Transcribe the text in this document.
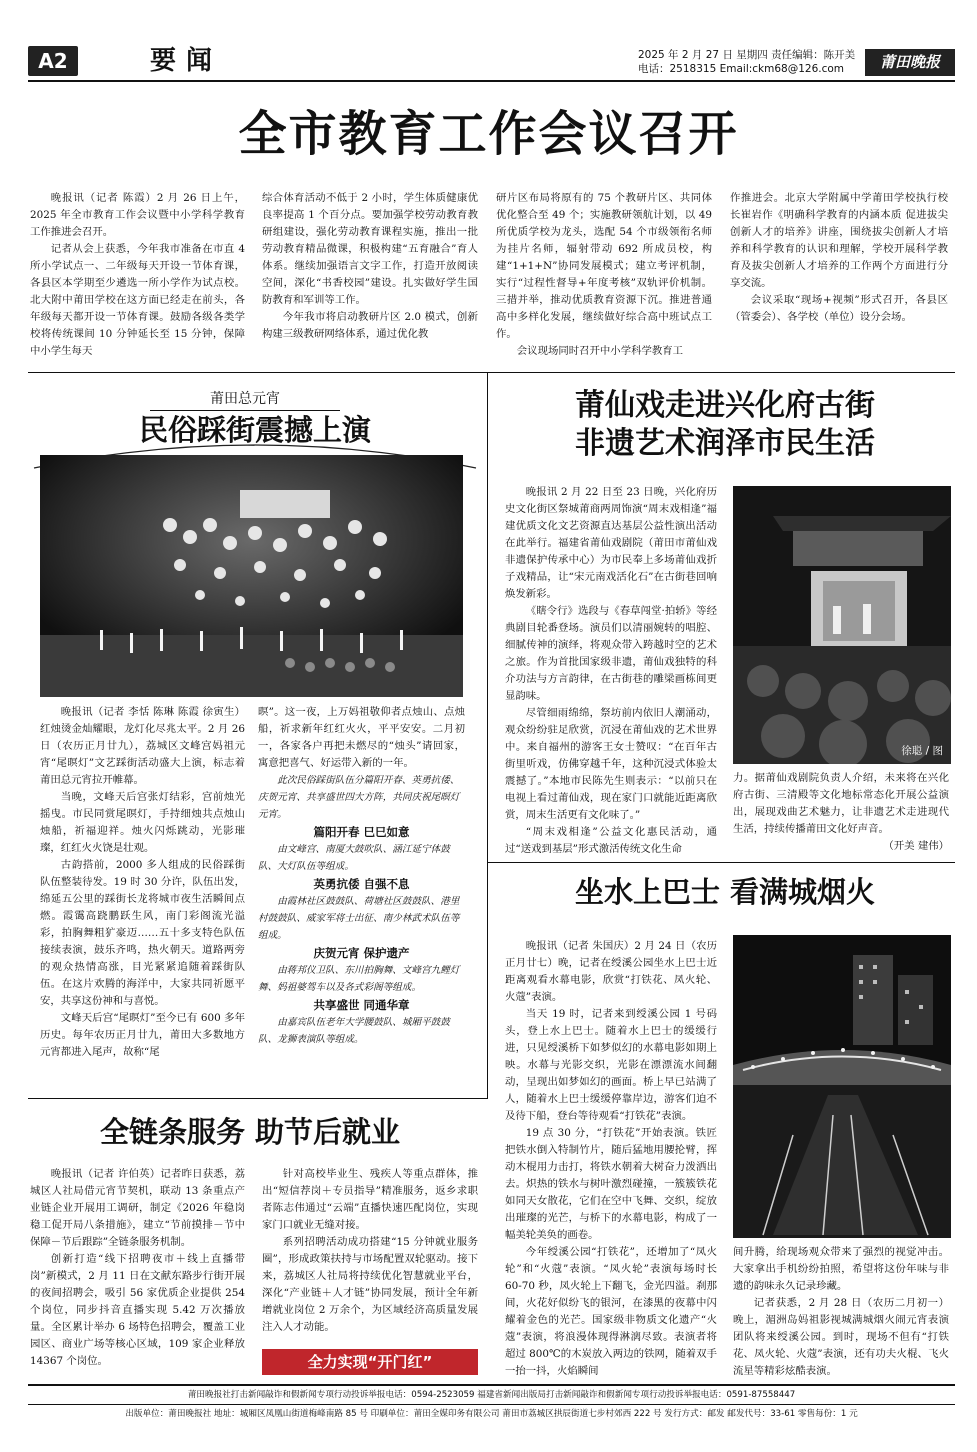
A2	要闻	2025 年 2 月 27 日 星期四 责任编辑：陈开美
电话：2518315 Email:ckm68@126.com	莆田晚报
全市教育工作会议召开

晚报讯（记者 陈霞）2 月 26 日上午，2025 年全市教育工作会议暨中小学科学教育工作推进会召开。

记者从会上获悉，今年我市准备在市直 4 所小学试点一、二年级每天开设一节体育课，各县区本学期至少遴选一所小学作为试点校。北大附中莆田学校在这方面已经走在前头，各年级每天都开设一节体育课。鼓励各级各类学校将传统课间 10 分钟延长至 15 分钟，保障中小学生每天

综合体育活动不低于 2 小时，学生体质健康优良率提高 1 个百分点。要加强学校劳动教育教研组建设，强化劳动教育课程实施，推出一批劳动教育精品微课，积极构建“五育融合”育人体系。继续加强语言文字工作，打造开放阅读空间，深化“书香校园”建设。扎实做好学生国防教育和军训等工作。

今年我市将启动教研片区 2.0 模式，创新构建三级教研网络体系，通过优化教

研片区布局将原有的 75 个教研片区、共同体优化整合至 49 个；实施教研领航计划，以 49 所优质学校为龙头，选配 54 个市级领衔名师为挂片名师，辐射带动 692 所成员校，构建“1+1+N”协同发展模式；建立考评机制，实行“过程性督导+年度考核”双轨评价机制。三措并举，推动优质教育资源下沉。推进普通高中多样化发展，继续做好综合高中班试点工作。

会议现场同时召开中小学科学教育工

作推进会。北京大学附属中学莆田学校执行校长崔岩作《明确科学教育的内涵本质 促进拔尖创新人才的培养》讲座，围绕拔尖创新人才培养和科学教育的认识和理解，学校开展科学教育及拔尖创新人才培养的工作两个方面进行分享交流。

会议采取“现场+视频”形式召开，各县区（管委会）、各学校（单位）设分会场。

莆田总元宵
民俗踩街震撼上演

晚报讯（记者 李恬 陈琳 陈霞 徐寅生）红烛烫金灿耀眼，龙灯化尽兆太平。2 月 26 日（农历正月廿九），荔城区文峰宫妈祖元宵“尾暝灯”文艺踩街活动盛大上演，标志着莆田总元宵拉开帷幕。

当晚，文峰天后宫张灯结彩，宫前烛光摇曳。市民同赏尾暝灯，手持细烛共点烛山烛船，祈福迎祥。烛火闪烁跳动，光影璀璨，红红火火饶是壮观。

古韵搭前，2000 多人组成的民俗踩街队伍整装待发。19 时 30 分许，队伍出发，绵延五公里的踩街长龙将城市夜生活瞬间点燃。霞霭高跷鹏跃生风，南门彩阁流光溢彩，拍胸舞粗犷豪迈……五十多支特色队伍接续表演，鼓乐齐鸣，热火朝天。道路两旁的观众热情高涨，目光紧紧追随着踩街队伍。在这片欢腾的海洋中，大家共同祈愿平安，共享这份神和与喜悦。

文峰天后宫“尾暝灯”至今已有 600 多年历史。每年农历正月廿九，莆田大多数地方元宵都进入尾声，故称“尾

暝”。这一夜，上万妈祖敬仰者点烛山、点烛船，祈求新年红红火火，平平安安。二月初一，各家各户再把未燃尽的“烛头”请回家，寓意把喜气、好运带入新的一年。

此次民俗踩街队伍分篇阳开春、英勇抗倭、庆贺元宵、共享盛世四大方阵，共同庆祝尾暝灯元宵。

篇阳开春 巳巳如意

由文峰宫、南厦大鼓吹队、涵江延宁体鼓队、大灯队伍等组成。

英勇抗倭 自强不息

由霞林社区鼓鼓队、荷塘社区鼓鼓队、港里村鼓鼓队、威家军将士出征、南少林武术队伍等组成。

庆贺元宵 保护遗产

由蒋邦仪卫队、东川拍胸舞、文峰宫九鲤灯舞、妈祖婆驾车以及各式彩阁等组成。

共享盛世 同通华章

由嘉宾队伍老年大学腰鼓队、城厢平鼓鼓队、龙狮表演队等组成。

莆仙戏走进兴化府古街
非遗艺术润泽市民生活

晚报讯 2 月 22 日至 23 日晚，兴化府历史文化街区祭城莆商两周饰演“周末戏相逢”福建优质文化文艺资源直达基层公益性演出活动在此举行。福建省莆仙戏剧院（莆田市莆仙戏非遗保护传承中心）为市民奉上多场莆仙戏折子戏精品，让“宋元南戏活化石”在古街巷回响焕发新彩。

《瞎令行》选段与《春草闯堂·拍轿》等经典剧目轮番登场。演员们以清丽婉转的唱腔、细腻传神的演绎，将观众带入跨越时空的艺术之旅。作为首批国家级非遗，莆仙戏独特的科介功法与方言韵律，在古街巷的雕梁画栋间更显韵味。

尽管细雨绵绵，祭坊前内依旧人潮涌动，观众纷纷驻足欣赏，沉浸在莆仙戏的艺术世界中。来自福州的游客王女士赞叹：“在百年古街里听戏，仿佛穿越千年，这种沉浸式体验太震撼了。”本地市民陈先生则表示：“以前只在电视上看过莆仙戏，现在家门口就能近距离欣赏，周末生活更有文化味了。”

“周末戏相逢”公益文化惠民活动，通过“送戏到基层”形式激活传统文化生命

徐聪 / 图

力。据莆仙戏剧院负责人介绍，未来将在兴化府古街、三清殿等文化地标常态化开展公益演出，展现戏曲艺术魅力，让非遗艺术走进现代生活，持续传播莆田文化好声音。
（开美 建伟）

坐水上巴士 看满城烟火

晚报讯（记者 朱国庆）2 月 24 日（农历正月廿七）晚，记者在绶溪公园坐水上巴士近距离观看水幕电影，欣赏“打铁花、凤火轮、火蔻”表演。

当天 19 时，记者来到绶溪公园 1 号码头，登上水上巴士。随着水上巴士的缓缓行进，只见绶溪桥下如梦似幻的水幕电影如期上映。水幕与光影交织，光影在漂漂流水间翻动，呈现出如梦如幻的画面。桥上早已站满了人，随着水上巴士缓缓停靠岸边，游客们迫不及待下船，登台等待观看“打铁花”表演。

19 点 30 分，“打铁花”开始表演。铁匠把铁水倒入特制竹片，随后猛地用腰抡臂，挥动木棍用力击打，将铁水朝着大树奋力泼洒出去。炽热的铁水与树叶激烈碰撞，一簇簇铁花如同天女散花，它们在空中飞舞、交织，绽放出璀璨的光芒，与桥下的水幕电影，构成了一幅美轮美奂的画卷。

今年绶溪公园“打铁花”，还增加了“凤火轮”和“火蔻”表演。“凤火轮”表演每场时长 60-70 秒，凤火轮上下翻飞，金光四溢。刹那间，火花好似纷飞的银河，在漆黑的夜幕中闪耀着金色的光芒。国家级非物质文化遗产“火蔻”表演，将浪漫体现得淋漓尽致。表演者将超过 800℃的木炭放入两边的铁网，随着双手一抬一抖，火焰瞬间

间升腾，给现场观众带来了强烈的视觉冲击。大家拿出手机纷纷拍照，希望将这份年味与非遗的韵味永久记录珍藏。

记者获悉，2 月 28 日（农历二月初一）晚上，湄洲岛妈祖影视城满城烟火闹元宵表演团队将来绶溪公园。到时，现场不但有“打铁花、凤火轮、火蔻”表演，还有功夫火棍、飞火流星等精彩炫酷表演。

全链条服务 助节后就业

晚报讯（记者 许伯英）记者昨日获悉，荔城区人社局借元宵节契机，联动 13 条重点产业链企业开展用工调研，制定《2026 年稳岗稳工促开局八条措施》，建立“节前摸排－节中保障－节后跟踪”全链条服务机制。

创新打造“线下招聘夜市＋线上直播带岗”新模式，2 月 11 日在文献东路步行街开展的夜间招聘会，吸引 56 家优质企业提供 254 个岗位，同步抖音直播实现 5.42 万次播放量。全区累计举办 6 场特色招聘会，覆盖工业园区、商业广场等核心区域，109 家企业释放 14367 个岗位。

针对高校毕业生、残疾人等重点群体，推出“短信荐岗＋专员指导”精准服务，返乡求职者陈志伟通过“云端”直播快速匹配岗位，实现家门口就业无缝对接。

系列招聘活动成功搭建“15 分钟就业服务圈”，形成政策扶持与市场配置双轮驱动。接下来，荔城区人社局将持续优化智慧就业平台，深化“产业链＋人才链”协同发展，预计全年新增就业岗位 2 万余个，为区域经济高质量发展注入人才动能。

全力实现“开门红”
莆田晚报社打击新闻敲诈和假新闻专项行动投诉举报电话：0594-2523059 福建省新闻出版局打击新闻敲诈和假新闻专项行动投诉举报电话：0591-87558447
出版单位：莆田晚报社 地址：城厢区凤凰山街道梅峰南路 85 号 印刷单位：莆田全媒印务有限公司 莆田市荔城区拱辰街道七步村郊西 222 号 发行方式：邮发 邮发代号：33-61 零售每份：1 元
